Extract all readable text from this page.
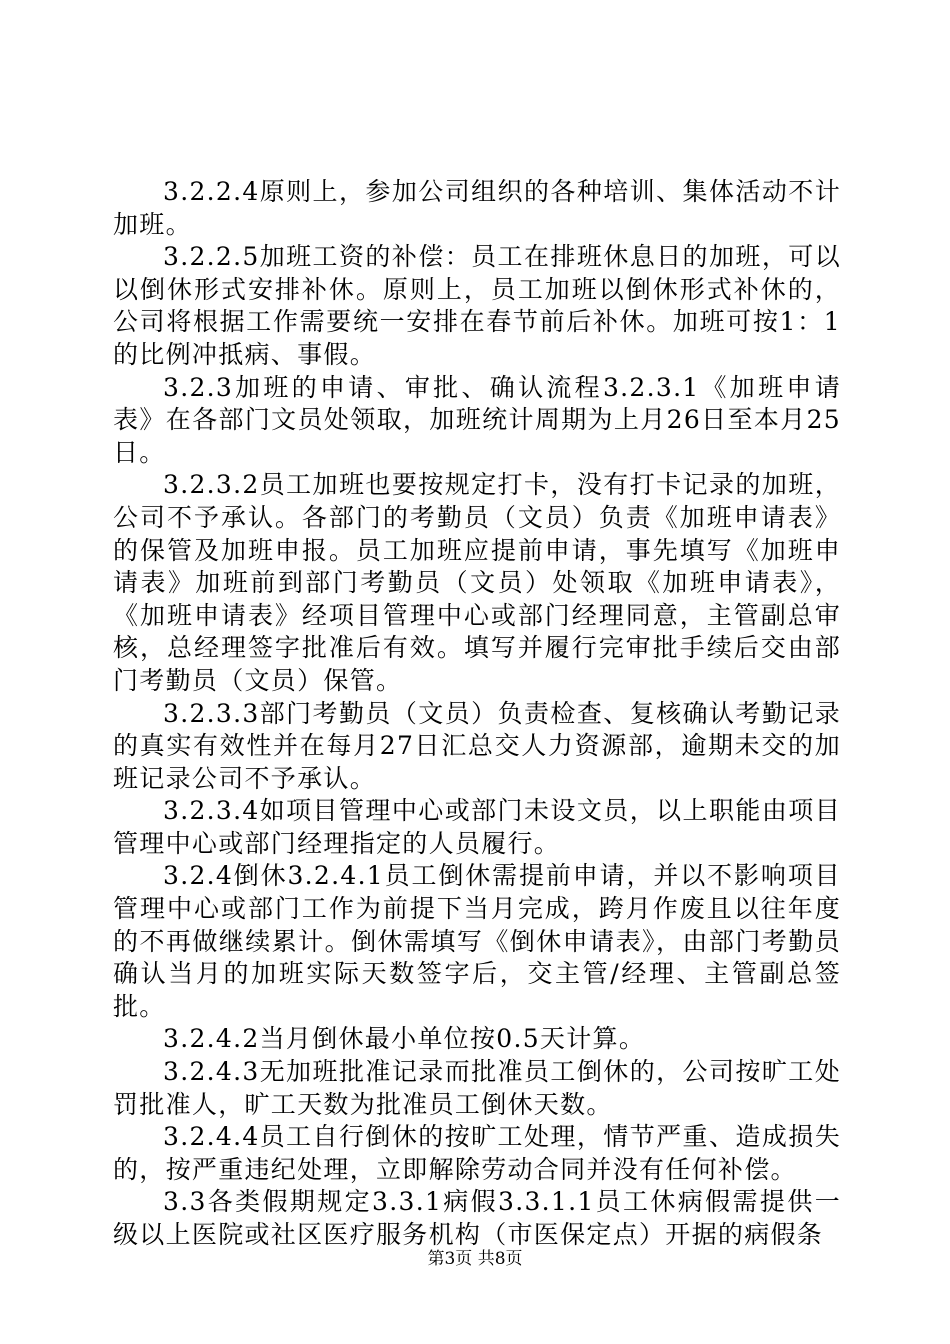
3.2.2.4原则上，参加公司组织的各种培训、集体活动不计加班。

3.2.2.5加班工资的补偿：员工在排班休息日的加班，可以以倒休形式安排补休。原则上，员工加班以倒休形式补休的，公司将根据工作需要统一安排在春节前后补休。加班可按1：1的比例冲抵病、事假。

3.2.3加班的申请、审批、确认流程3.2.3.1《加班申请表》在各部门文员处领取，加班统计周期为上月26日至本月25日。

3.2.3.2员工加班也要按规定打卡，没有打卡记录的加班，公司不予承认。各部门的考勤员（文员）负责《加班申请表》的保管及加班申报。员工加班应提前申请，事先填写《加班申请表》加班前到部门考勤员（文员）处领取《加班申请表》，《加班申请表》经项目管理中心或部门经理同意，主管副总审核，总经理签字批准后有效。填写并履行完审批手续后交由部门考勤员（文员）保管。

3.2.3.3部门考勤员（文员）负责检查、复核确认考勤记录的真实有效性并在每月27日汇总交人力资源部，逾期未交的加班记录公司不予承认。

3.2.3.4如项目管理中心或部门未设文员，以上职能由项目管理中心或部门经理指定的人员履行。

3.2.4倒休3.2.4.1员工倒休需提前申请，并以不影响项目管理中心或部门工作为前提下当月完成，跨月作废且以往年度的不再做继续累计。倒休需填写《倒休申请表》，由部门考勤员确认当月的加班实际天数签字后，交主管/经理、主管副总签批。

3.2.4.2当月倒休最小单位按0.5天计算。

3.2.4.3无加班批准记录而批准员工倒休的，公司按旷工处罚批准人，旷工天数为批准员工倒休天数。

3.2.4.4员工自行倒休的按旷工处理，情节严重、造成损失的，按严重违纪处理，立即解除劳动合同并没有任何补偿。

3.3各类假期规定3.3.1病假3.3.1.1员工休病假需提供一级以上医院或社区医疗服务机构（市医保定点）开据的病假条

第3页 共8页
